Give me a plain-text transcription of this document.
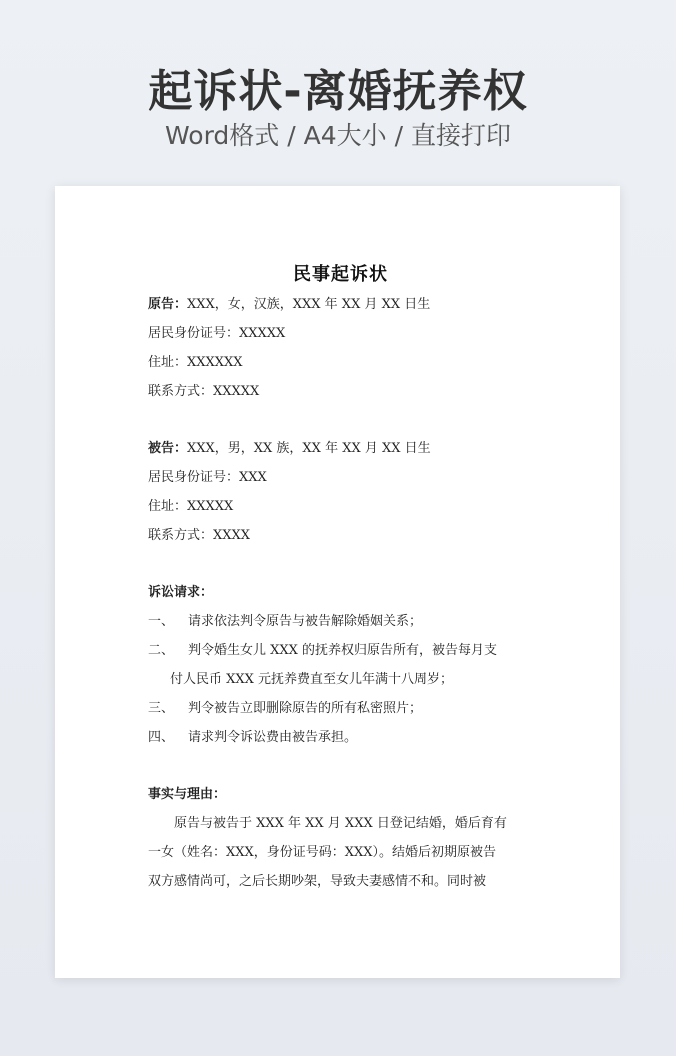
起诉状-离婚抚养权
Word格式 / A4大小 / 直接打印
民事起诉状
原告：XXX，女，汉族，XXX 年 XX 月 XX 日生
居民身份证号：XXXXX
住址：XXXXXX
联系方式：XXXXX
被告：XXX，男，XX 族，XX 年 XX 月 XX 日生
居民身份证号：XXX
住址：XXXXX
联系方式：XXXX
诉讼请求：
一、 请求依法判令原告与被告解除婚姻关系；
二、 判令婚生女儿 XXX 的抚养权归原告所有，被告每月支
付人民币 XXX 元抚养费直至女儿年满十八周岁；
三、 判令被告立即删除原告的所有私密照片；
四、 请求判令诉讼费由被告承担。
事实与理由：
原告与被告于 XXX 年 XX 月 XXX 日登记结婚，婚后育有
一女（姓名：XXX，身份证号码：XXX）。结婚后初期原被告
双方感情尚可，之后长期吵架，导致夫妻感情不和。同时被
